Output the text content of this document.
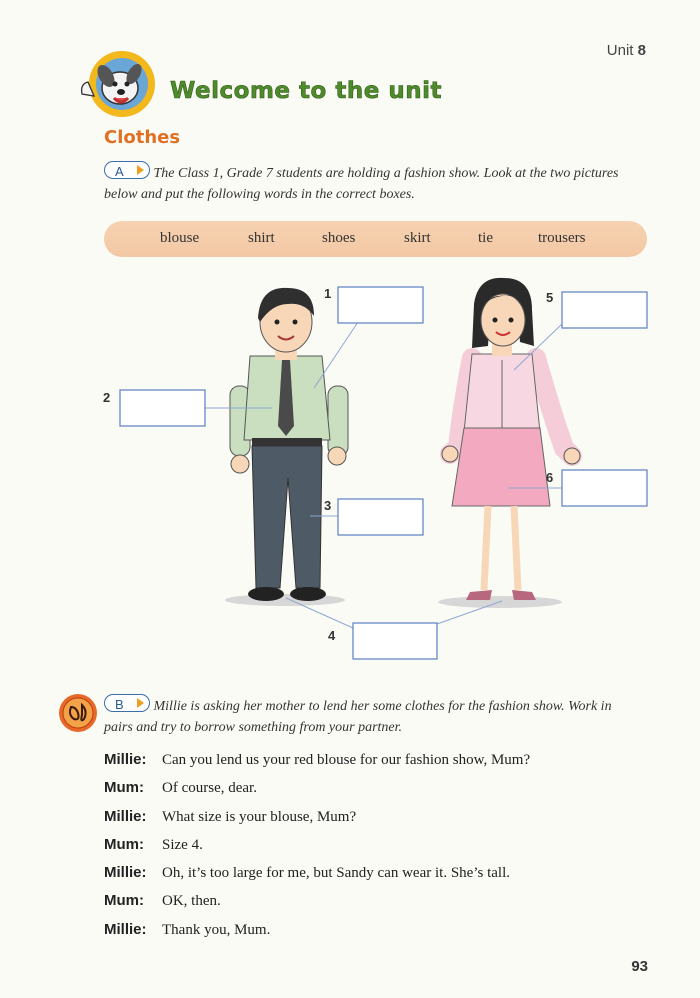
Unit 8
Welcome to the unit
Clothes
A The Class 1, Grade 7 students are holding a fashion show. Look at the two pictures below and put the following words in the correct boxes.
blouse	shirt	shoes	skirt	tie	trousers
1
2
3
4
5
6
B Millie is asking her mother to lend her some clothes for the fashion show. Work in pairs and try to borrow something from your partner.
Millie: Can you lend us your red blouse for our fashion show, Mum?
Mum: Of course, dear.
Millie: What size is your blouse, Mum?
Mum: Size 4.
Millie: Oh, it’s too large for me, but Sandy can wear it. She’s tall.
Mum: OK, then.
Millie: Thank you, Mum.
93
